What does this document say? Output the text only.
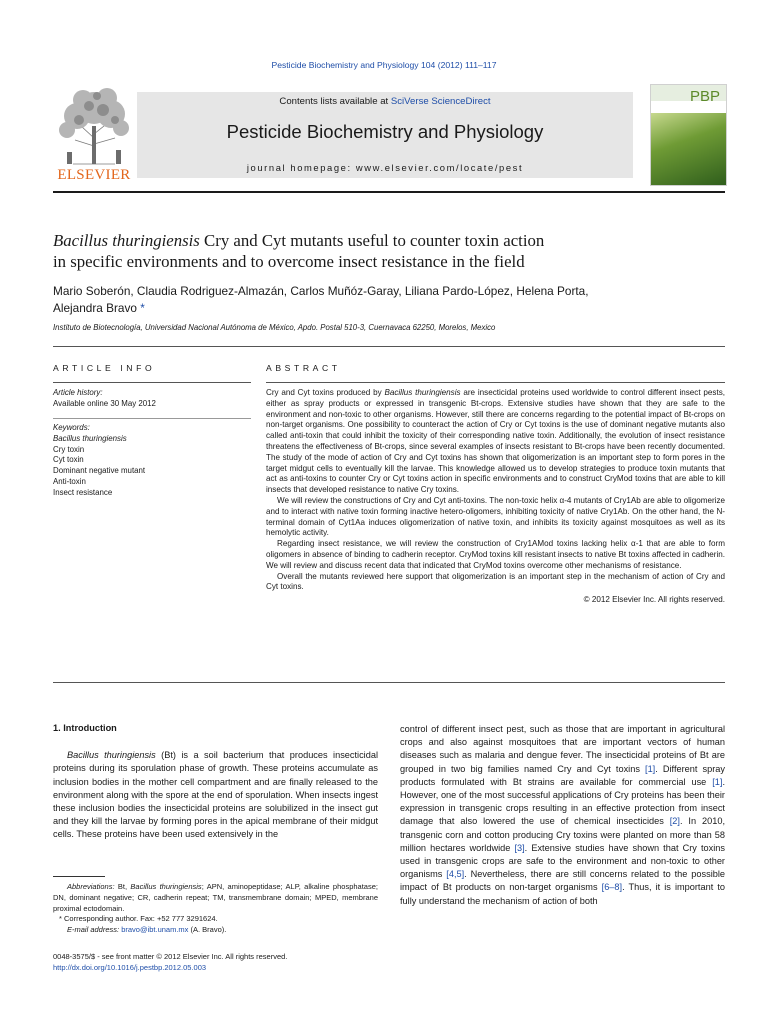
Pesticide Biochemistry and Physiology 104 (2012) 111–117
ELSEVIER
Contents lists available at SciVerse ScienceDirect
Pesticide Biochemistry and Physiology
journal homepage: www.elsevier.com/locate/pest
PBP
Bacillus thuringiensis Cry and Cyt mutants useful to counter toxin action
in specific environments and to overcome insect resistance in the field
Mario Soberón, Claudia Rodriguez-Almazán, Carlos Muñóz-Garay, Liliana Pardo-López, Helena Porta,
Alejandra Bravo *
Instituto de Biotecnología, Universidad Nacional Autónoma de México, Apdo. Postal 510-3, Cuernavaca 62250, Morelos, Mexico
ARTICLE INFO
Article history:
Available online 30 May 2012
Keywords:
Bacillus thuringiensis
Cry toxin
Cyt toxin
Dominant negative mutant
Anti-toxin
Insect resistance
ABSTRACT

Cry and Cyt toxins produced by Bacillus thuringiensis are insecticidal proteins used worldwide to control different insect pests, either as spray products or expressed in transgenic Bt-crops. Extensive studies have shown that they are safe to the environment and non-toxic to other organisms. However, still there are concerns regarding to the potential impact of Bt-crops on non-target organisms. One possibility to counteract the action of Cry or Cyt toxins is the use of dominant negative mutants also called anti-toxin that could inhibit the toxicity of their corresponding native toxin. Additionally, the evolution of insect resistance threatens the effectiveness of Bt-crops, since several examples of insects resistant to Bt-crops have been recently documented. The study of the mode of action of Cry and Cyt toxins has shown that oligomerization is an important step to form pores in the target midgut cells to eventually kill the larvae. This knowledge allowed us to develop strategies to produce toxin mutants that act as anti-toxins to counter Cry or Cyt toxins action in specific environments and to construct CryMod toxins that are able to kill insects that developed resistance to native Cry toxins.

We will review the constructions of Cry and Cyt anti-toxins. The non-toxic helix α-4 mutants of Cry1Ab are able to oligomerize and to interact with native toxin forming inactive hetero-oligomers, inhibiting toxicity of native Cry1Ab. On the other hand, the N-terminal domain of Cyt1Aa induces oligomerization of native toxin, and inhibits its toxicity against mosquitoes as well as its hemolytic activity.

Regarding insect resistance, we will review the construction of Cry1AMod toxins lacking helix α-1 that are able to form oligomers in absence of binding to cadherin receptor. CryMod toxins kill resistant insects to native Bt toxins affected in cadherin. We will review and discuss recent data that indicated that CryMod toxins overcome other mechanisms of resistance.

Overall the mutants reviewed here support that oligomerization is an important step in the mechanism of action of Cry and Cyt toxins.

© 2012 Elsevier Inc. All rights reserved.
1. Introduction

Bacillus thuringiensis (Bt) is a soil bacterium that produces insecticidal proteins during its sporulation phase of growth. These proteins accumulate as inclusion bodies in the mother cell compartment and are finally released to the environment along with the spore at the end of sporulation. When insects ingest these inclusion bodies the insecticidal proteins are solubilized in the insect gut and they kill the larvae by forming pores in the apical membrane of their midgut cells. These proteins have been used extensively in the

control of different insect pest, such as those that are important in agricultural crops and also against mosquitoes that are important vectors of human diseases such as malaria and dengue fever. The insecticidal proteins of Bt are grouped in two big families named Cry and Cyt toxins [1]. Different spray products formulated with Bt strains are available for commercial use [1]. However, one of the most successful applications of Cry proteins has been their expression in transgenic crops resulting in an effective protection from insect damage that also lowered the use of chemical insecticides [2]. In 2010, transgenic corn and cotton producing Cry toxins were planted on more than 58 million hectares worldwide [3]. Extensive studies have shown that Cry toxins used in transgenic crops are safe to the environment and non-toxic to other organisms [4,5]. Nevertheless, there are still concerns related to the possible impact of Bt products on non-target organisms [6–8]. Thus, it is important to fully understand the mechanism of action of both

Abbreviations: Bt, Bacillus thuringiensis; APN, aminopeptidase; ALP, alkaline phosphatase; DN, dominant negative; CR, cadherin repeat; TM, transmembrane domain; MPED, membrane proximal ectodomain.

* Corresponding author. Fax: +52 777 3291624.

E-mail address: bravo@ibt.unam.mx (A. Bravo).

0048-3575/$ - see front matter © 2012 Elsevier Inc. All rights reserved.
http://dx.doi.org/10.1016/j.pestbp.2012.05.003
